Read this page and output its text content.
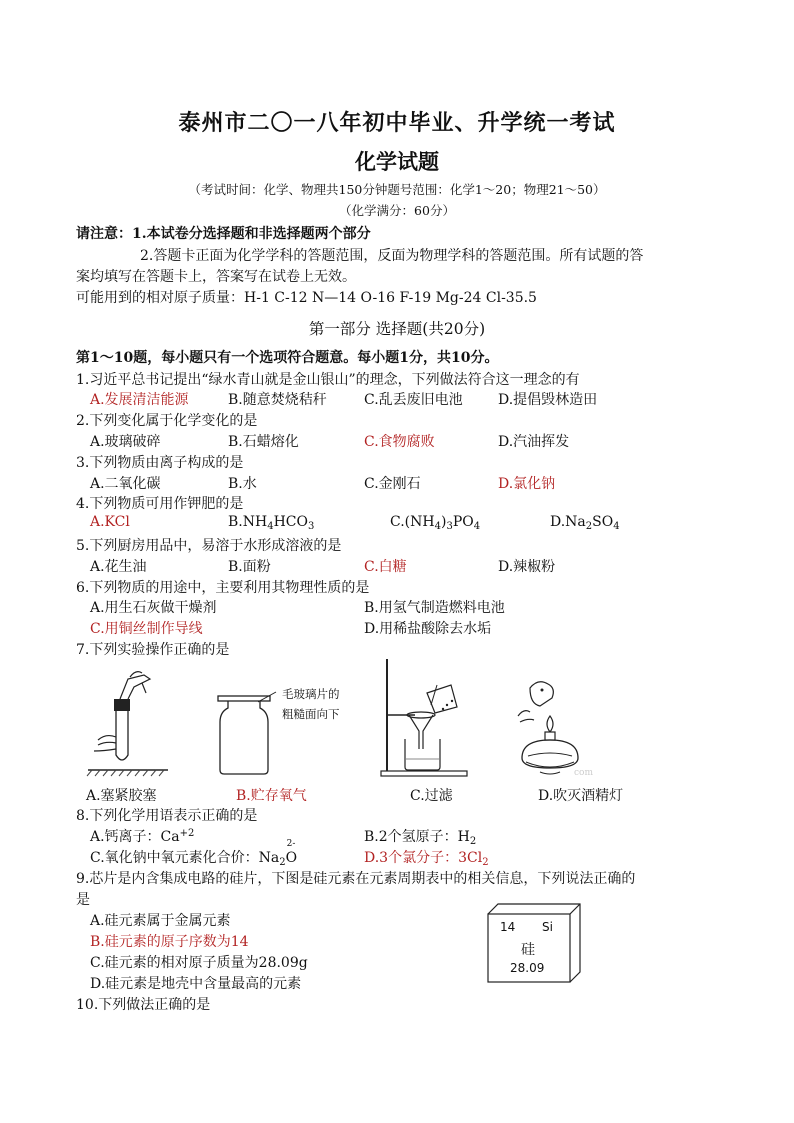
泰州市二〇一八年初中毕业、升学统一考试
化学试题
（考试时间：化学、物理共150分钟题号范围：化学1～20；物理21～50）
（化学满分：60分）
请注意：1.本试卷分选择题和非选择题两个部分
2.答题卡正面为化学学科的答题范围，反面为物理学科的答题范围。所有试题的答
案均填写在答题卡上，答案写在试卷上无效。
可能用到的相对原子质量：H-1 C-12 N—14 O-16 F-19 Mg-24 Cl-35.5
第一部分 选择题(共20分)
第1～10题，每小题只有一个选项符合题意。每小题1分，共10分。
1.习近平总书记提出“绿水青山就是金山银山”的理念，下列做法符合这一理念的有
A.发展清洁能源	B.随意焚烧秸秆	C.乱丢废旧电池	D.提倡毁林造田
2.下列变化属于化学变化的是
A.玻璃破碎	B.石蜡熔化	C.食物腐败	D.汽油挥发
3.下列物质由离子构成的是
A.二氧化碳	B.水	C.金刚石	D.氯化钠
4.下列物质可用作钾肥的是
A.KCl	$B.NH_4HCO_3$	$C.(NH_4)_3PO_4$	$D.Na_2SO_4$
5.下列厨房用品中，易溶于水形成溶液的是
A.花生油	B.面粉	C.白糖	D.辣椒粉
6.下列物质的用途中，主要利用其物理性质的是
A.用生石灰做干燥剂	B.用氢气制造燃料电池
C.用铜丝制作导线	D.用稀盐酸除去水垢
7.下列实验操作正确的是
毛玻璃片的
粗糙面向下
com
A.塞紧胶塞	B.贮存氧气	C.过滤	D.吹灭酒精灯
8.下列化学用语表示正确的是
A.钙离子：$Ca^{+2}$	B.2个氢原子：$H_2$
C.氧化钠中氧元素化合价：$Na_2$
2-
O	D.3个氯分子：$3Cl_2$
9.芯片是内含集成电路的硅片，下图是硅元素在元素周期表中的相关信息，下列说法正确的
是
A.硅元素属于金属元素
B.硅元素的原子序数为14
C.硅元素的相对原子质量为28.09g
D.硅元素是地壳中含量最高的元素
14 Si
硅
28.09
10.下列做法正确的是
